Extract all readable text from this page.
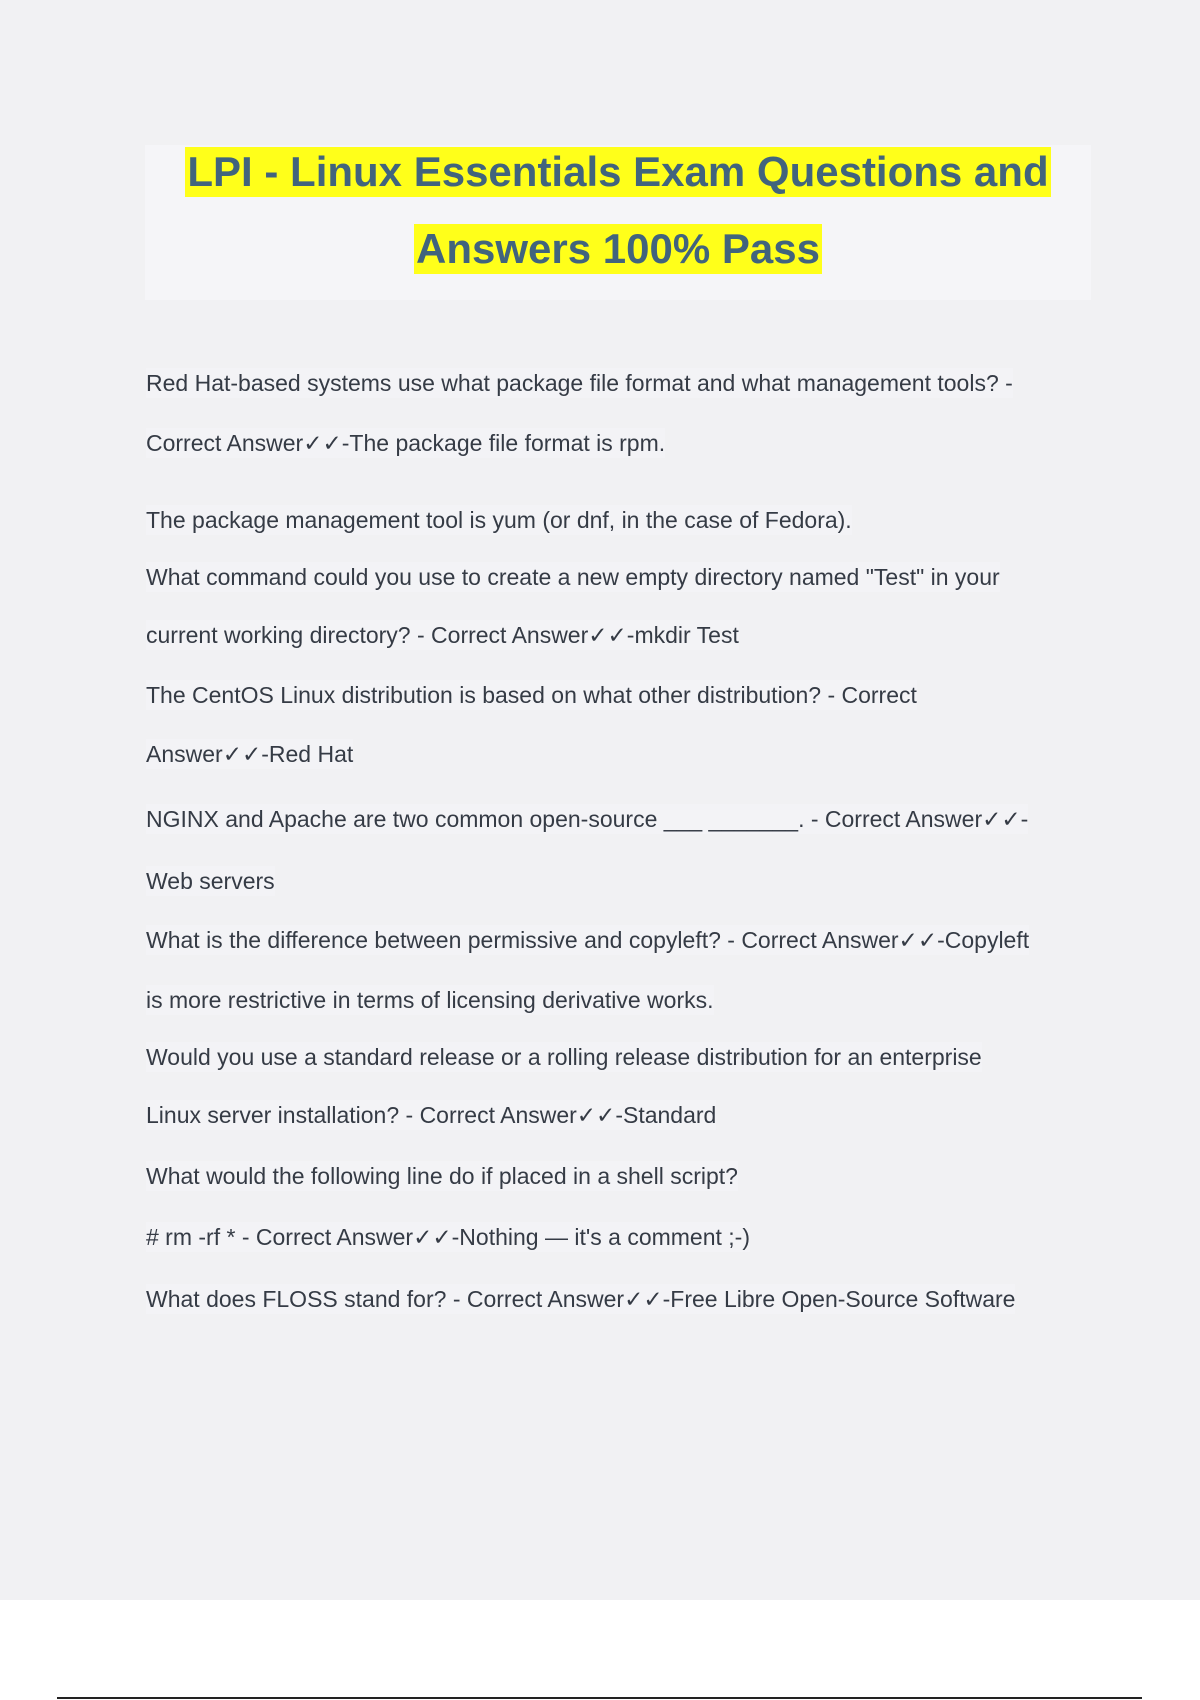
LPI - Linux Essentials Exam Questions and
Answers 100% Pass
Red Hat-based systems use what package file format and what management tools? -
Correct Answer✓✓-The package file format is rpm.
The package management tool is yum (or dnf, in the case of Fedora).
What command could you use to create a new empty directory named "Test" in your
current working directory? - Correct Answer✓✓-mkdir Test
The CentOS Linux distribution is based on what other distribution? - Correct
Answer✓✓-Red Hat
NGINX and Apache are two common open-source ___ _______. - Correct Answer✓✓-
Web servers
What is the difference between permissive and copyleft? - Correct Answer✓✓-Copyleft
is more restrictive in terms of licensing derivative works.
Would you use a standard release or a rolling release distribution for an enterprise
Linux server installation? - Correct Answer✓✓-Standard
What would the following line do if placed in a shell script?
# rm -rf * - Correct Answer✓✓-Nothing — it's a comment ;-)
What does FLOSS stand for? - Correct Answer✓✓-Free Libre Open-Source Software
